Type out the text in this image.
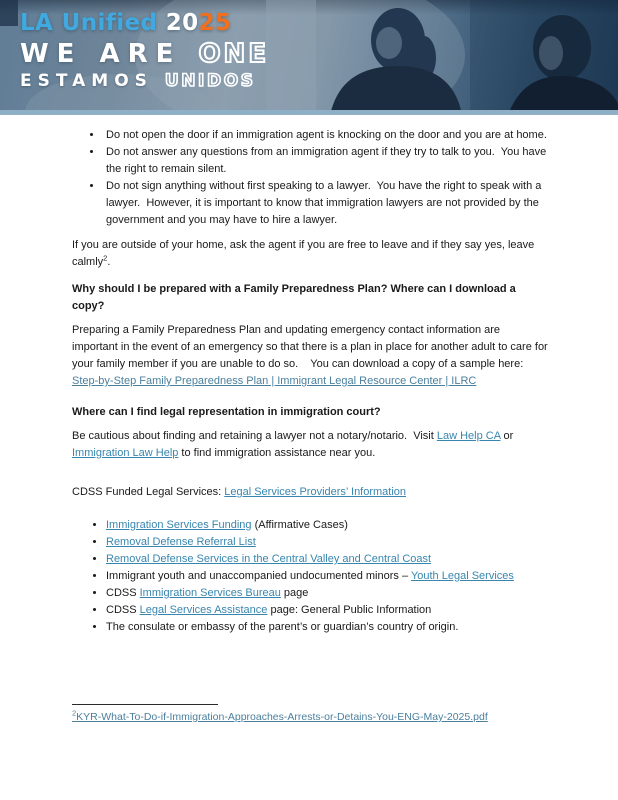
LA Unified 2025
WE ARE ONE
ESTAMOS UNIDOS
• Do not open the door if an immigration agent is knocking on the door and you are at home.
• Do not answer any questions from an immigration agent if they try to talk to you.  You have the right to remain silent.
• Do not sign anything without first speaking to a lawyer.  You have the right to speak with a lawyer.  However, it is important to know that immigration lawyers are not provided by the government and you may have to hire a lawyer.

If you are outside of your home, ask the agent if you are free to leave and if they say yes, leave calmly$^2$.

Why should I be prepared with a Family Preparedness Plan? Where can I download a copy?

Preparing a Family Preparedness Plan and updating emergency contact information are important in the event of an emergency so that there is a plan in place for another adult to care for your family member if you are unable to do so.    You can download a copy of a sample here: Step-by-Step Family Preparedness Plan | Immigrant Legal Resource Center | ILRC

Where can I find legal representation in immigration court?

Be cautious about finding and retaining a lawyer not a notary/notario.  Visit Law Help CA or Immigration Law Help to find immigration assistance near you.

CDSS Funded Legal Services: Legal Services Providers’ Information

• Immigration Services Funding (Affirmative Cases)
• Removal Defense Referral List
• Removal Defense Services in the Central Valley and Central Coast
• Immigrant youth and unaccompanied undocumented minors – Youth Legal Services
• CDSS Immigration Services Bureau page
• CDSS Legal Services Assistance page: General Public Information
• The consulate or embassy of the parent’s or guardian’s country of origin.
$^2$KYR-What-To-Do-if-Immigration-Approaches-Arrests-or-Detains-You-ENG-May-2025.pdf
